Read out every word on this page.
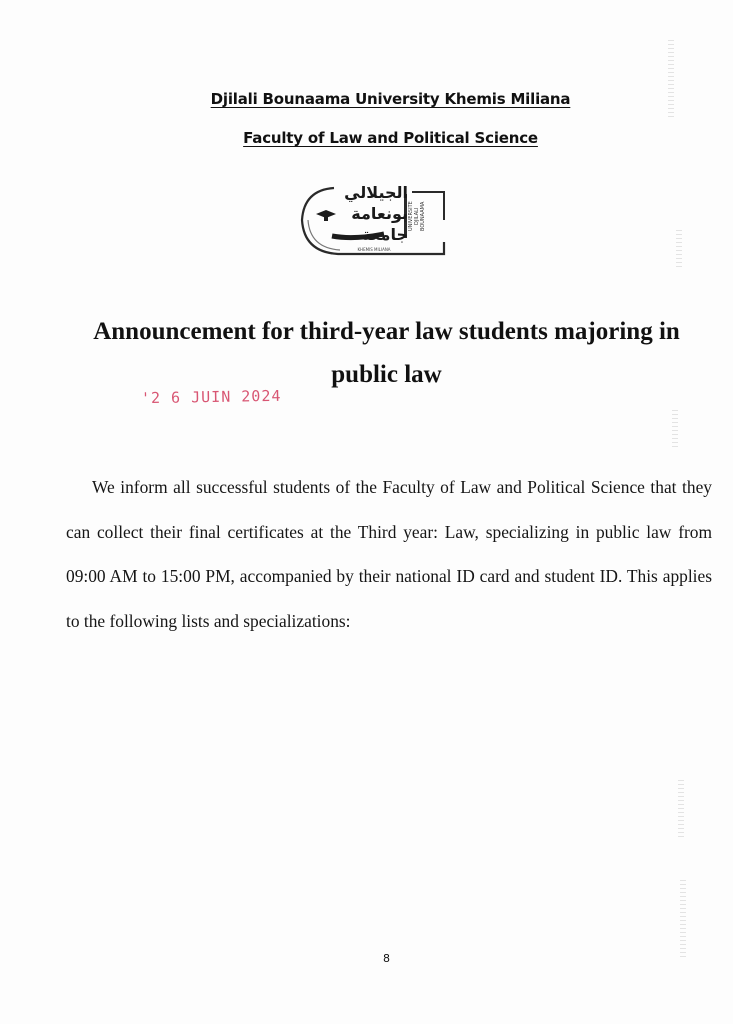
Djilali Bounaama University Khemis Miliana
Faculty of Law and Political Science
الجيلالي
بونعامة
جامعة
UNIVERSITE DJILALI BOUNAAMA
KHEMIS MILIANA
Announcement for third-year law students majoring in public law
'2 6 JUIN 2024
We inform all successful students of the Faculty of Law and Political Science that they can collect their final certificates at the Third year: Law, specializing in public law from 09:00 AM to 15:00 PM, accompanied by their national ID card and student ID. This applies to the following lists and specializations:
8
